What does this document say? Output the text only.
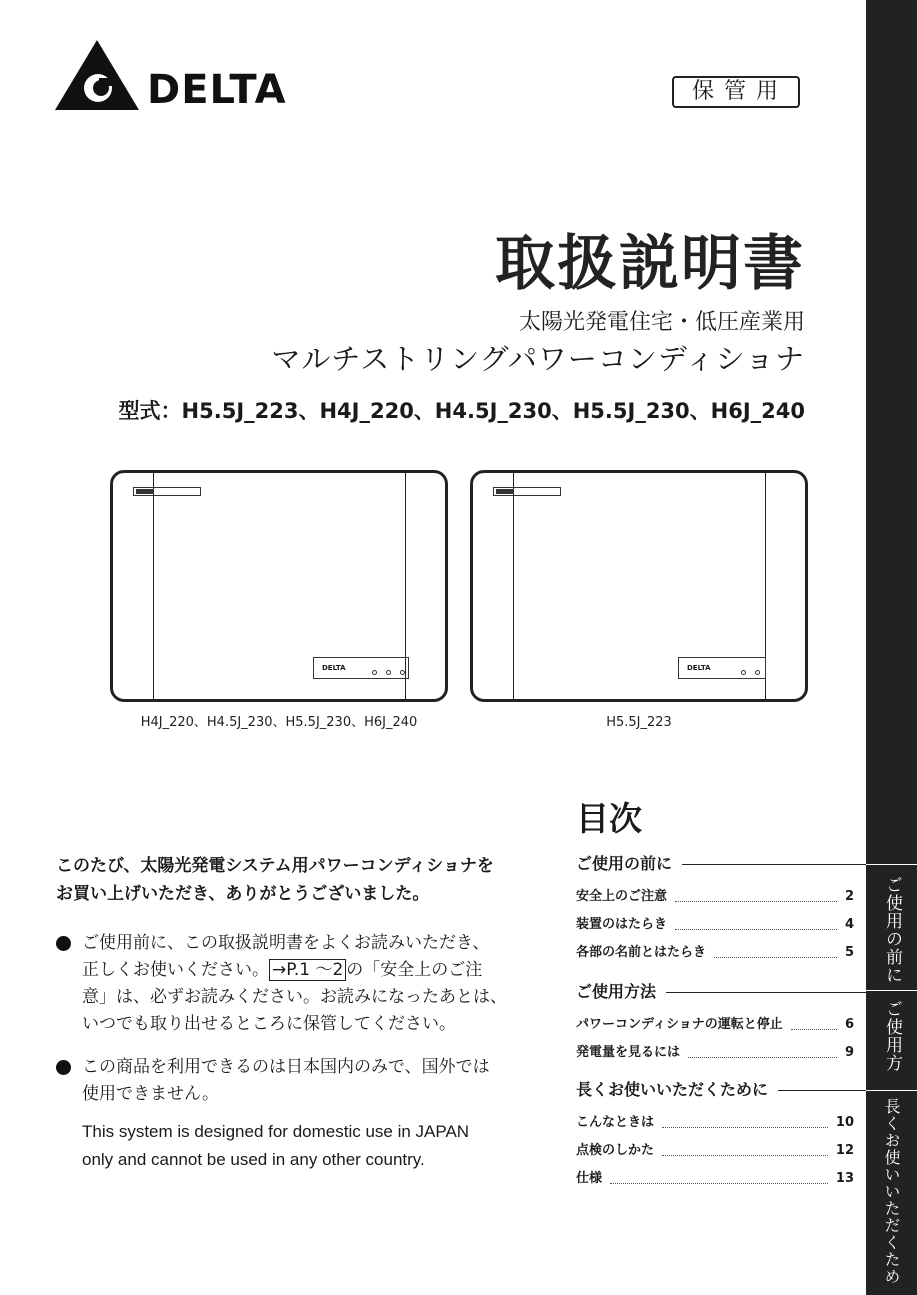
DELTA	保管用
取扱説明書
太陽光発電住宅・低圧産業用
マルチストリングパワーコンディショナ
型式：H5.5J_223、H4J_220、H4.5J_230、H5.5J_230、H6J_240
DELTA
H4J_220、H4.5J_230、H5.5J_230、H6J_240
DELTA
H5.5J_223
このたび、太陽光発電システム用パワーコンディショナを
お買い上げいただき、ありがとうございました。
ご使用前に、この取扱説明書をよくお読みいただき、
正しくお使いください。 →P.1 ～2 の「安全上のご注
意」は、必ずお読みください。お読みになったあとは、
いつでも取り出せるところに保管してください。
この商品を利用できるのは日本国内のみで、国外では
使用できません。
This system is designed for domestic use in JAPAN
only and cannot be used in any other country.
目次
ご使用の前に
安全上のご注意	2
装置のはたらき	4
各部の名前とはたらき	5
ご使用方法
パワーコンディショナの運転と停止	6
発電量を見るには	9
長くお使いいただくために
こんなときは	10
点検のしかた	12
仕様	13
ご使用の前に
ご使用方法
長くお使いいただくために
